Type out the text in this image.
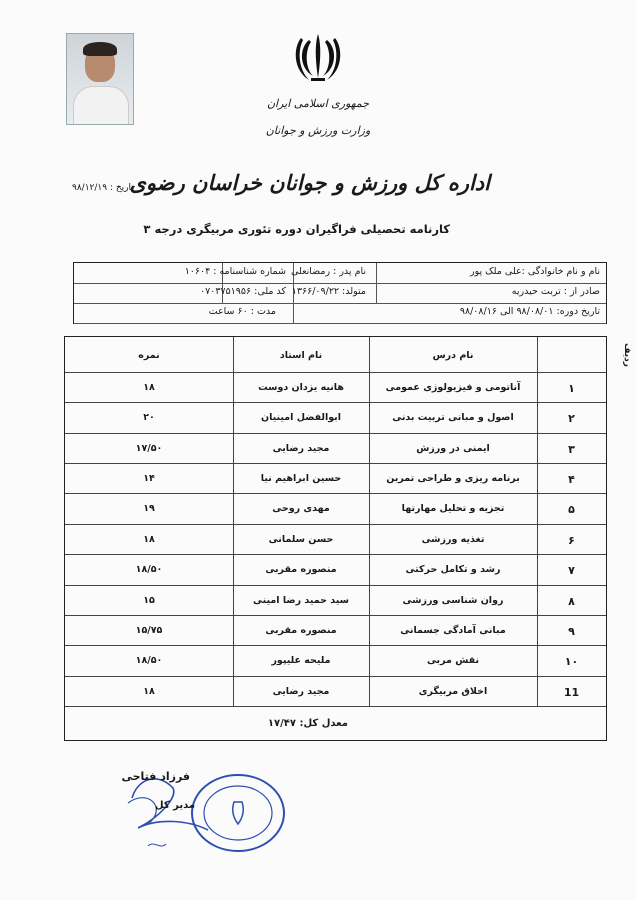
جمهوری اسلامی ایران
وزارت ورزش و جوانان
اداره کل ورزش و جوانان خراسان رضوی
تاریخ : ۹۸/۱۲/۱۹
کارنامه تحصیلی فراگیران دوره تئوری مربیگری درجه ۳
نام و نام خانوادگی :علی ملک پور
نام پدر : رمضانعلی
شماره شناسنامه : ۱۰۶۰۴
صادر از : تربت حیدریه
متولد: ۱۳۶۶/۰۹/۲۲
کد ملی: ۰۷۰۳۷۵۱۹۵۶
تاریخ دوره: ۹۸/۰۸/۰۱ الی ۹۸/۰۸/۱۶
مدت : ۶۰ ساعت
ردیف
نام درس
نام استاد
نمره
۱
آناتومی و فیزیولوژی عمومی
هانیه یزدان دوست
۱۸
۲
اصول و مبانی تربیت بدنی
ابوالفضل امینیان
۲۰
۳
ایمنی در ورزش
مجید رضایی
۱۷/۵۰
۴
برنامه ریزی و طراحی تمرین
حسین ابراهیم نیا
۱۴
۵
تجزیه و تحلیل مهارتها
مهدی روحی
۱۹
۶
تغذیه ورزشی
حسن سلمانی
۱۸
۷
رشد و تکامل حرکتی
منصوره مقربی
۱۸/۵۰
۸
روان شناسی ورزشی
سید حمید رضا امینی
۱۵
۹
مبانی آمادگی جسمانی
منصوره مقربی
۱۵/۷۵
۱۰
نقش مربی
ملیحه علیپور
۱۸/۵۰
11
اخلاق مربیگری
مجید رضایی
۱۸
معدل کل: ۱۷/۴۷
فرزاد فتاحی
مدیر کل
